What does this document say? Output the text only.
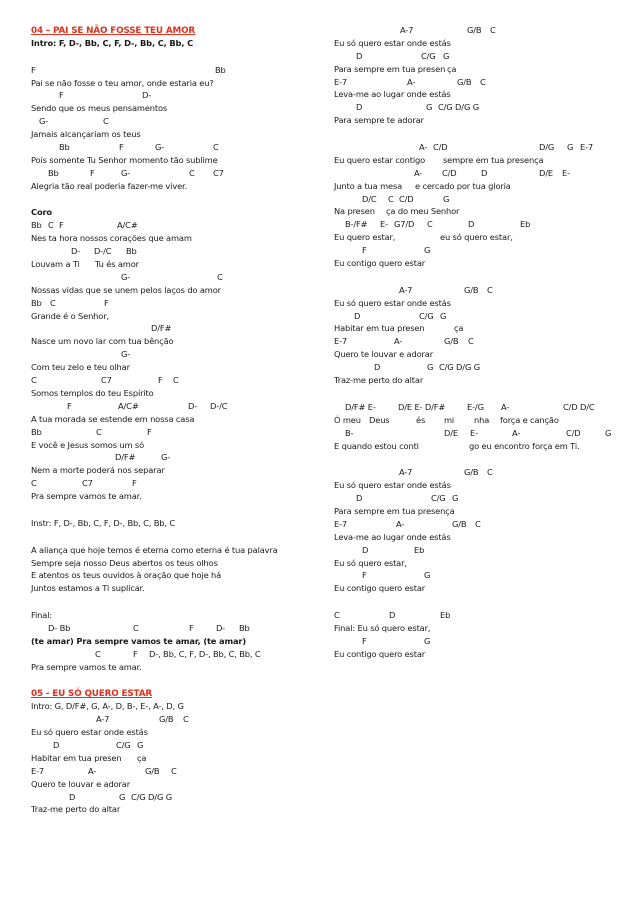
04 – PAI SE NÃO FOSSE TEU AMOR
Intro: F, D-, Bb, C, F, D-, Bb, C, Bb, C
F	Bb
Pai se não fosse o teu amor, onde estaria eu?
F	D-
Sendo que os meus pensamentos
G-	C
Jamais alcançariam os teus
Bb	F	G-	C
Pois somente Tu Senhor momento tão sublime
Bb	F	G-	C C7
Alegria tão real poderia fazer-me viver.
Coro
Bb C F	A/C#
Nes ta hora nossos corações que amam
D- D-/C Bb
Louvam a Ti Tu és amor
G-	C
Nossas vidas que se unem pelos laços do amor
Bb C	F
Grande é o Senhor,
D/F#
Nasce um novo lar com tua bênção
G-
Com teu zelo e teu olhar
C	C7	F C
Somos templos do teu Espírito
F	A/C#	D- D-/C
A tua morada se estende em nossa casa
Bb	C	F
E você e Jesus somos um só
D/F#	G-
Nem a morte poderá nos separar
C	C7	F
Pra sempre vamos te amar.
Instr: F, D-, Bb, C, F, D-, Bb, C, Bb, C
A aliança que hoje temos é eterna como eterna é tua palavra
Sempre seja nosso Deus abertos os teus olhos
E atentos os teus ouvidos à oração que hoje há
Juntos estamos a Ti suplicar.
Final:
D- Bb	C	F	D- Bb
(te amar) Pra sempre vamos te amar, (te amar)
C	F D-, Bb, C, F, D-, Bb, C, Bb, C
Pra sempre vamos te amar.
05 - EU SÓ QUERO ESTAR
Intro: G, D/F#, G, A-, D, B-, E-, A-, D, G
A-7	G/B C
Eu só quero estar onde estás
D	C/G G
Habitar em tua presen ça
E-7	A-	G/B C
Quero te louvar e adorar
D	G C/G D/G G
Traz-me perto do altar
A-7	G/B C
Eu só quero estar onde estás
D	C/G G
Para sempre em tua presen ça
E-7	A-	G/B C
Leva-me ao lugar onde estás
D	G C/G D/G G
Para sempre te adorar
A- C/D	D/G G E-7
Eu quero estar contigo sempre em tua presença
A- C/D	D	D/E E-
Junto a tua mesa e cercado por tua gloria
D/C C C/D	G
Na presen ça do meu Senhor
B-/F# E- G7/D C	D	Eb
Eu quero estar,	eu só quero estar,
F	G
Eu contigo quero estar
A-7	G/B C
Eu só quero estar onde estás
D	C/G G
Habitar em tua presen	ça
E-7	A-	G/B C
Quero te louvar e adorar
D	G C/G D/G G
Traz-me perto do altar
D/F# E-	D/E E- D/F#	E-/G A-	C/D D/C
Ó meu Deus	és mi nha força e canção
B-	D/E E-	A-	C/D	G
E quando estou conti	go eu encontro força em Ti.
A-7	G/B C
Eu só quero estar onde estás
D	C/G G
Para sempre em tua presença
E-7	A-	G/B C
Leva-me ao lugar onde estás
D	Eb
Eu só quero estar,
F	G
Eu contigo quero estar
C	D	Eb
Final: Eu só quero estar,
F	G
Eu contigo quero estar
